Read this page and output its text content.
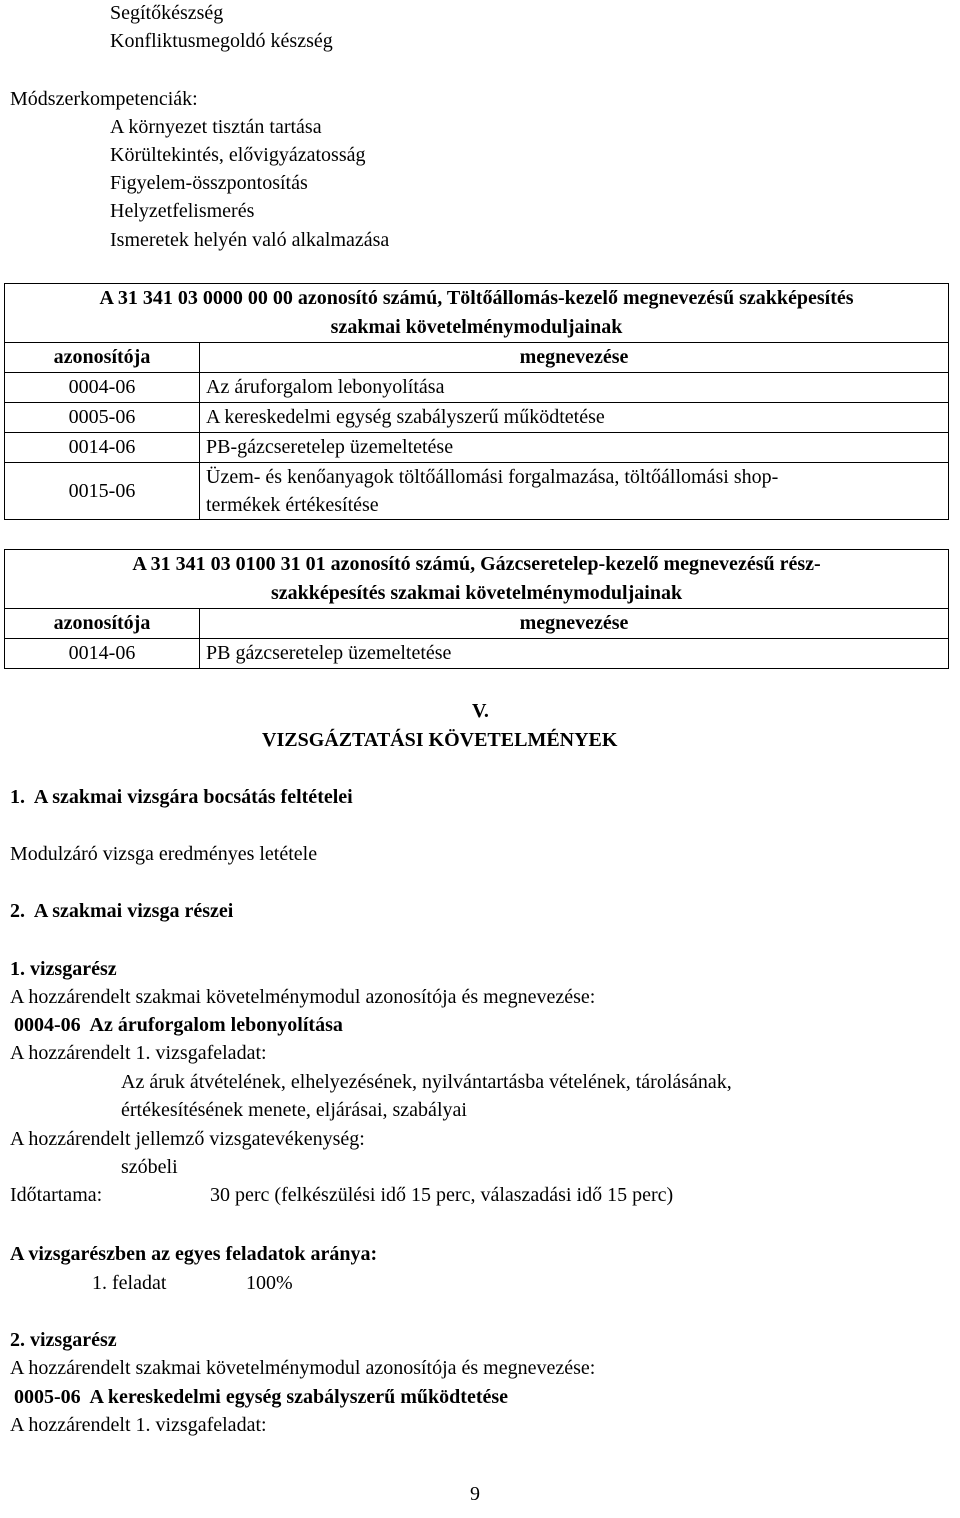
Segítőkészség
Konfliktusmegoldó készség
Módszerkompetenciák:
A környezet tisztán tartása
Körültekintés, elővigyázatosság
Figyelem-összpontosítás
Helyzetfelismerés
Ismeretek helyén való alkalmazása
A 31 341 03 0000 00 00 azonosító számú, Töltőállomás-kezelő megnevezésű szakképesítés
szakmai követelménymoduljainak	
azonosítója	megnevezése
0004-06	Az áruforgalom lebonyolítása
0005-06	A kereskedelmi egység szabályszerű működtetése
0014-06	PB-gázcseretelep üzemeltetése
0015-06	Üzem- és kenőanyagok töltőállomási forgalmazása, töltőállomási shop-
termékek értékesítése
A 31 341 03 0100 31 01 azonosító számú, Gázcseretelep-kezelő megnevezésű rész-
szakképesítés szakmai követelménymoduljainak	
azonosítója	megnevezése
0014-06	PB gázcseretelep üzemeltetése
V.
VIZSGÁZTATÁSI KÖVETELMÉNYEK
1.  A szakmai vizsgára bocsátás feltételei
Modulzáró vizsga eredményes letétele
2.  A szakmai vizsga részei
1. vizsgarész
A hozzárendelt szakmai követelménymodul azonosítója és megnevezése:
0004-06  Az áruforgalom lebonyolítása
A hozzárendelt 1. vizsgafeladat:
Az áruk átvételének, elhelyezésének, nyilvántartásba vételének, tárolásának,
értékesítésének menete, eljárásai, szabályai
A hozzárendelt jellemző vizsgatevékenység:
szóbeli
Időtartama:	30 perc (felkészülési idő 15 perc, válaszadási idő 15 perc)
A vizsgarészben az egyes feladatok aránya:
1. feladat	100%
2. vizsgarész
A hozzárendelt szakmai követelménymodul azonosítója és megnevezése:
0005-06  A kereskedelmi egység szabályszerű működtetése
A hozzárendelt 1. vizsgafeladat:
9
